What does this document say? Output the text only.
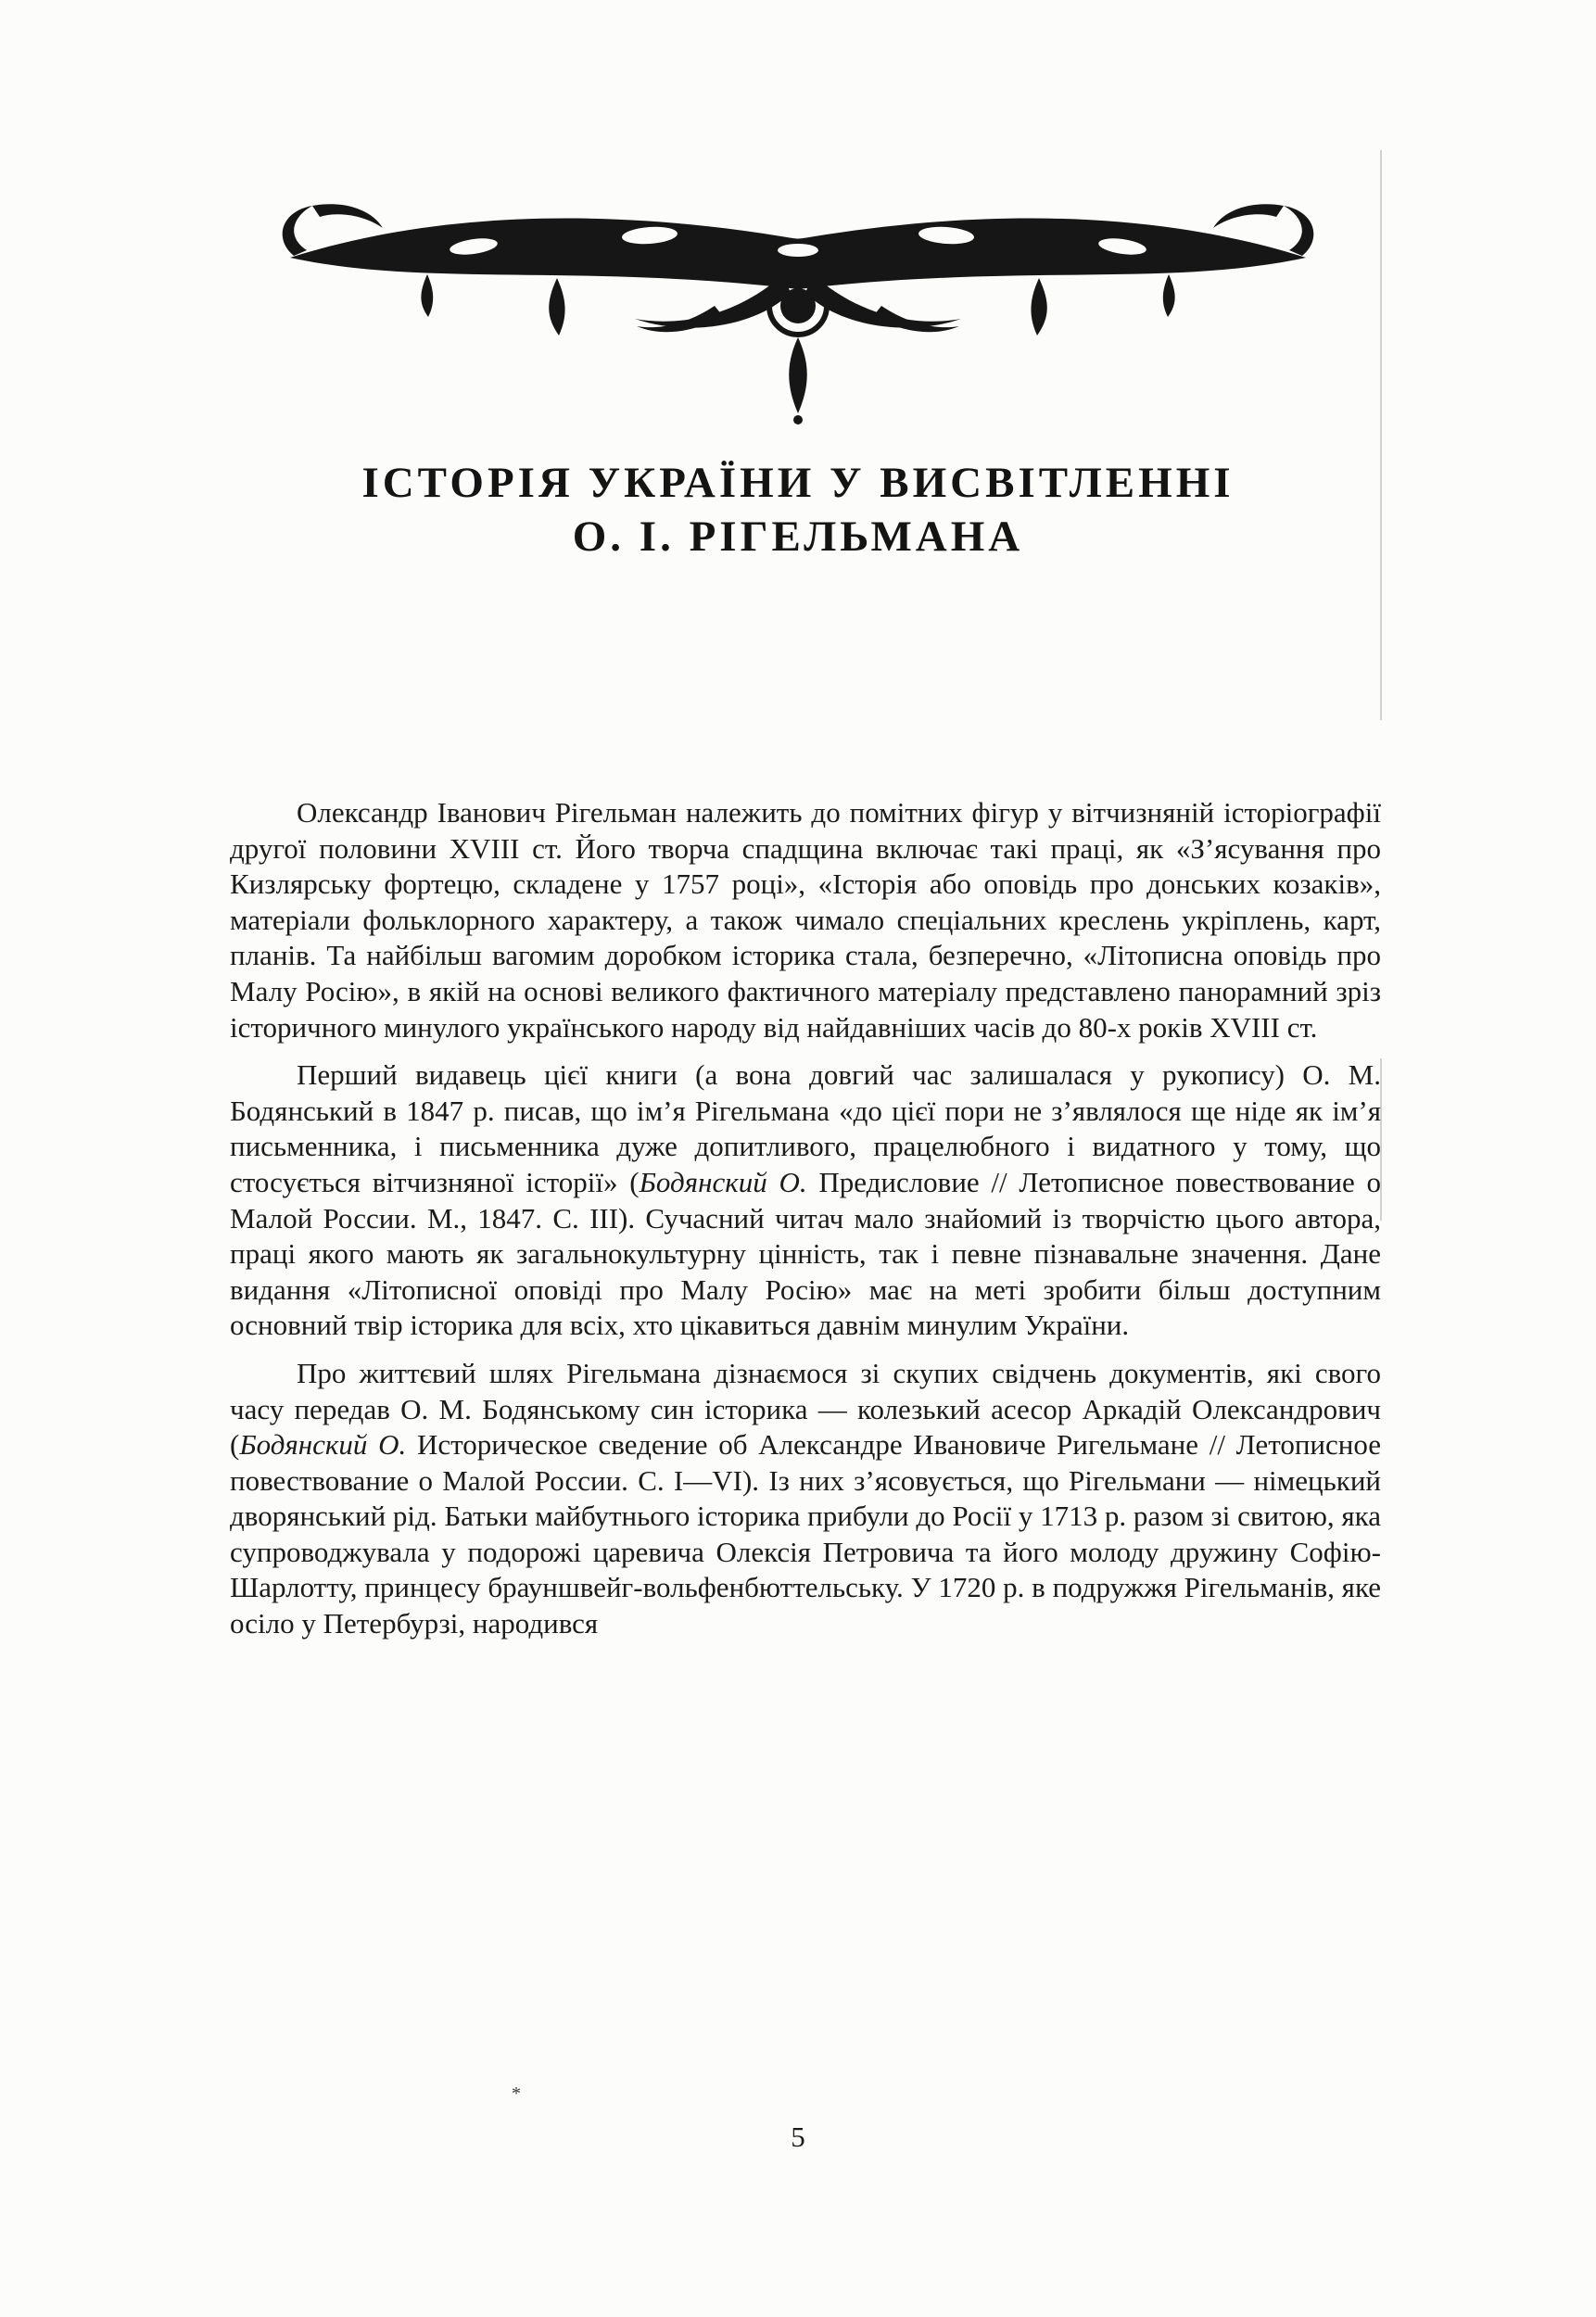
ІСТОРІЯ УКРАЇНИ У ВИСВІТЛЕННІ
О. І. РІГЕЛЬМАНА

Олександр Іванович Рігельман належить до помітних фігур у вітчизняній історіографії другої половини XVIII ст. Його творча спадщина включає такі праці, як «З’ясування про Кизлярську фортецю, складене у 1757 році», «Історія або оповідь про донських козаків», матеріали фольклорного характеру, а також чимало спеціальних креслень укріплень, карт, планів. Та найбільш вагомим доробком історика стала, безперечно, «Літописна оповідь про Малу Росію», в якій на основі великого фактичного матеріалу представлено панорамний зріз історичного минулого українського народу від найдавніших часів до 80-х років XVIII ст.

Перший видавець цієї книги (а вона довгий час залишалася у рукопису) О. М. Бодянський в 1847 р. писав, що ім’я Рігельмана «до цієї пори не з’являлося ще ніде як ім’я письменника, і письменника дуже допитливого, працелюбного і видатного у тому, що стосується вітчизняної історії» (Бодянский О. Предисловие // Летописное повествование о Малой России. М., 1847. С. III). Сучасний читач мало знайомий із творчістю цього автора, праці якого мають як загальнокультурну цінність, так і певне пізнавальне значення. Дане видання «Літописної оповіді про Малу Росію» має на меті зробити більш доступним основний твір історика для всіх, хто цікавиться давнім минулим України.

Про життєвий шлях Рігельмана дізнаємося зі скупих свідчень документів, які свого часу передав О. М. Бодянському син історика — колезький асесор Аркадій Олександрович (Бодянский О. Историческое сведение об Александре Ивановиче Ригельмане // Летописное повествование о Малой России. С. I—VI). Із них з’ясовується, що Рігельмани — німецький дворянський рід. Батьки майбутнього історика прибули до Росії у 1713 р. разом зі свитою, яка супроводжувала у подорожі царевича Олексія Петровича та його молоду дружину Софію-Шарлотту, принцесу брауншвейг-вольфенбюттельську. У 1720 р. в подружжя Рігельманів, яке осіло у Петербурзі, народився

*
5
